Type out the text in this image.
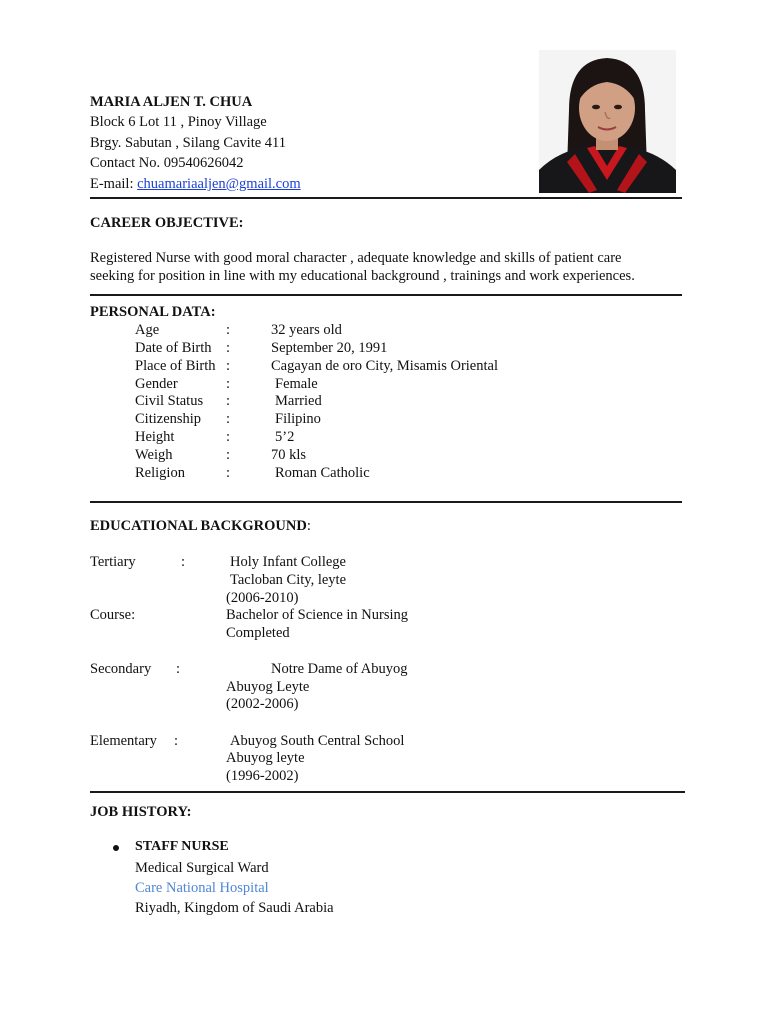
MARIA ALJEN T. CHUA
Block 6 Lot 11 , Pinoy Village
Brgy. Sabutan , Silang Cavite 411
Contact No. 09540626042
E-mail: chuamariaaljen@gmail.com
CAREER OBJECTIVE:
Registered Nurse with good moral character , adequate knowledge and skills of patient care
seeking for position in line with my educational background , trainings and work experiences.
PERSONAL DATA:
Age	:	32 years old
Date of Birth :	September 20, 1991
Place of Birth :	Cagayan de oro City, Misamis Oriental
Gender	:	Female
Civil Status :	Married
Citizenship :	Filipino
Height	:	5’2
Weigh	:	70 kls
Religion	:	Roman Catholic
EDUCATIONAL BACKGROUND:
Tertiary	:	Holy Infant College
Tacloban City, leyte
(2006-2010)
Course:	Bachelor of Science in Nursing
Completed
Secondary :	Notre Dame of Abuyog
Abuyog Leyte
(2002-2006)
Elementary :	Abuyog South Central School
Abuyog leyte
(1996-2002)
JOB HISTORY:
STAFF NURSE
Medical Surgical Ward
Care National Hospital
Riyadh, Kingdom of Saudi Arabia
